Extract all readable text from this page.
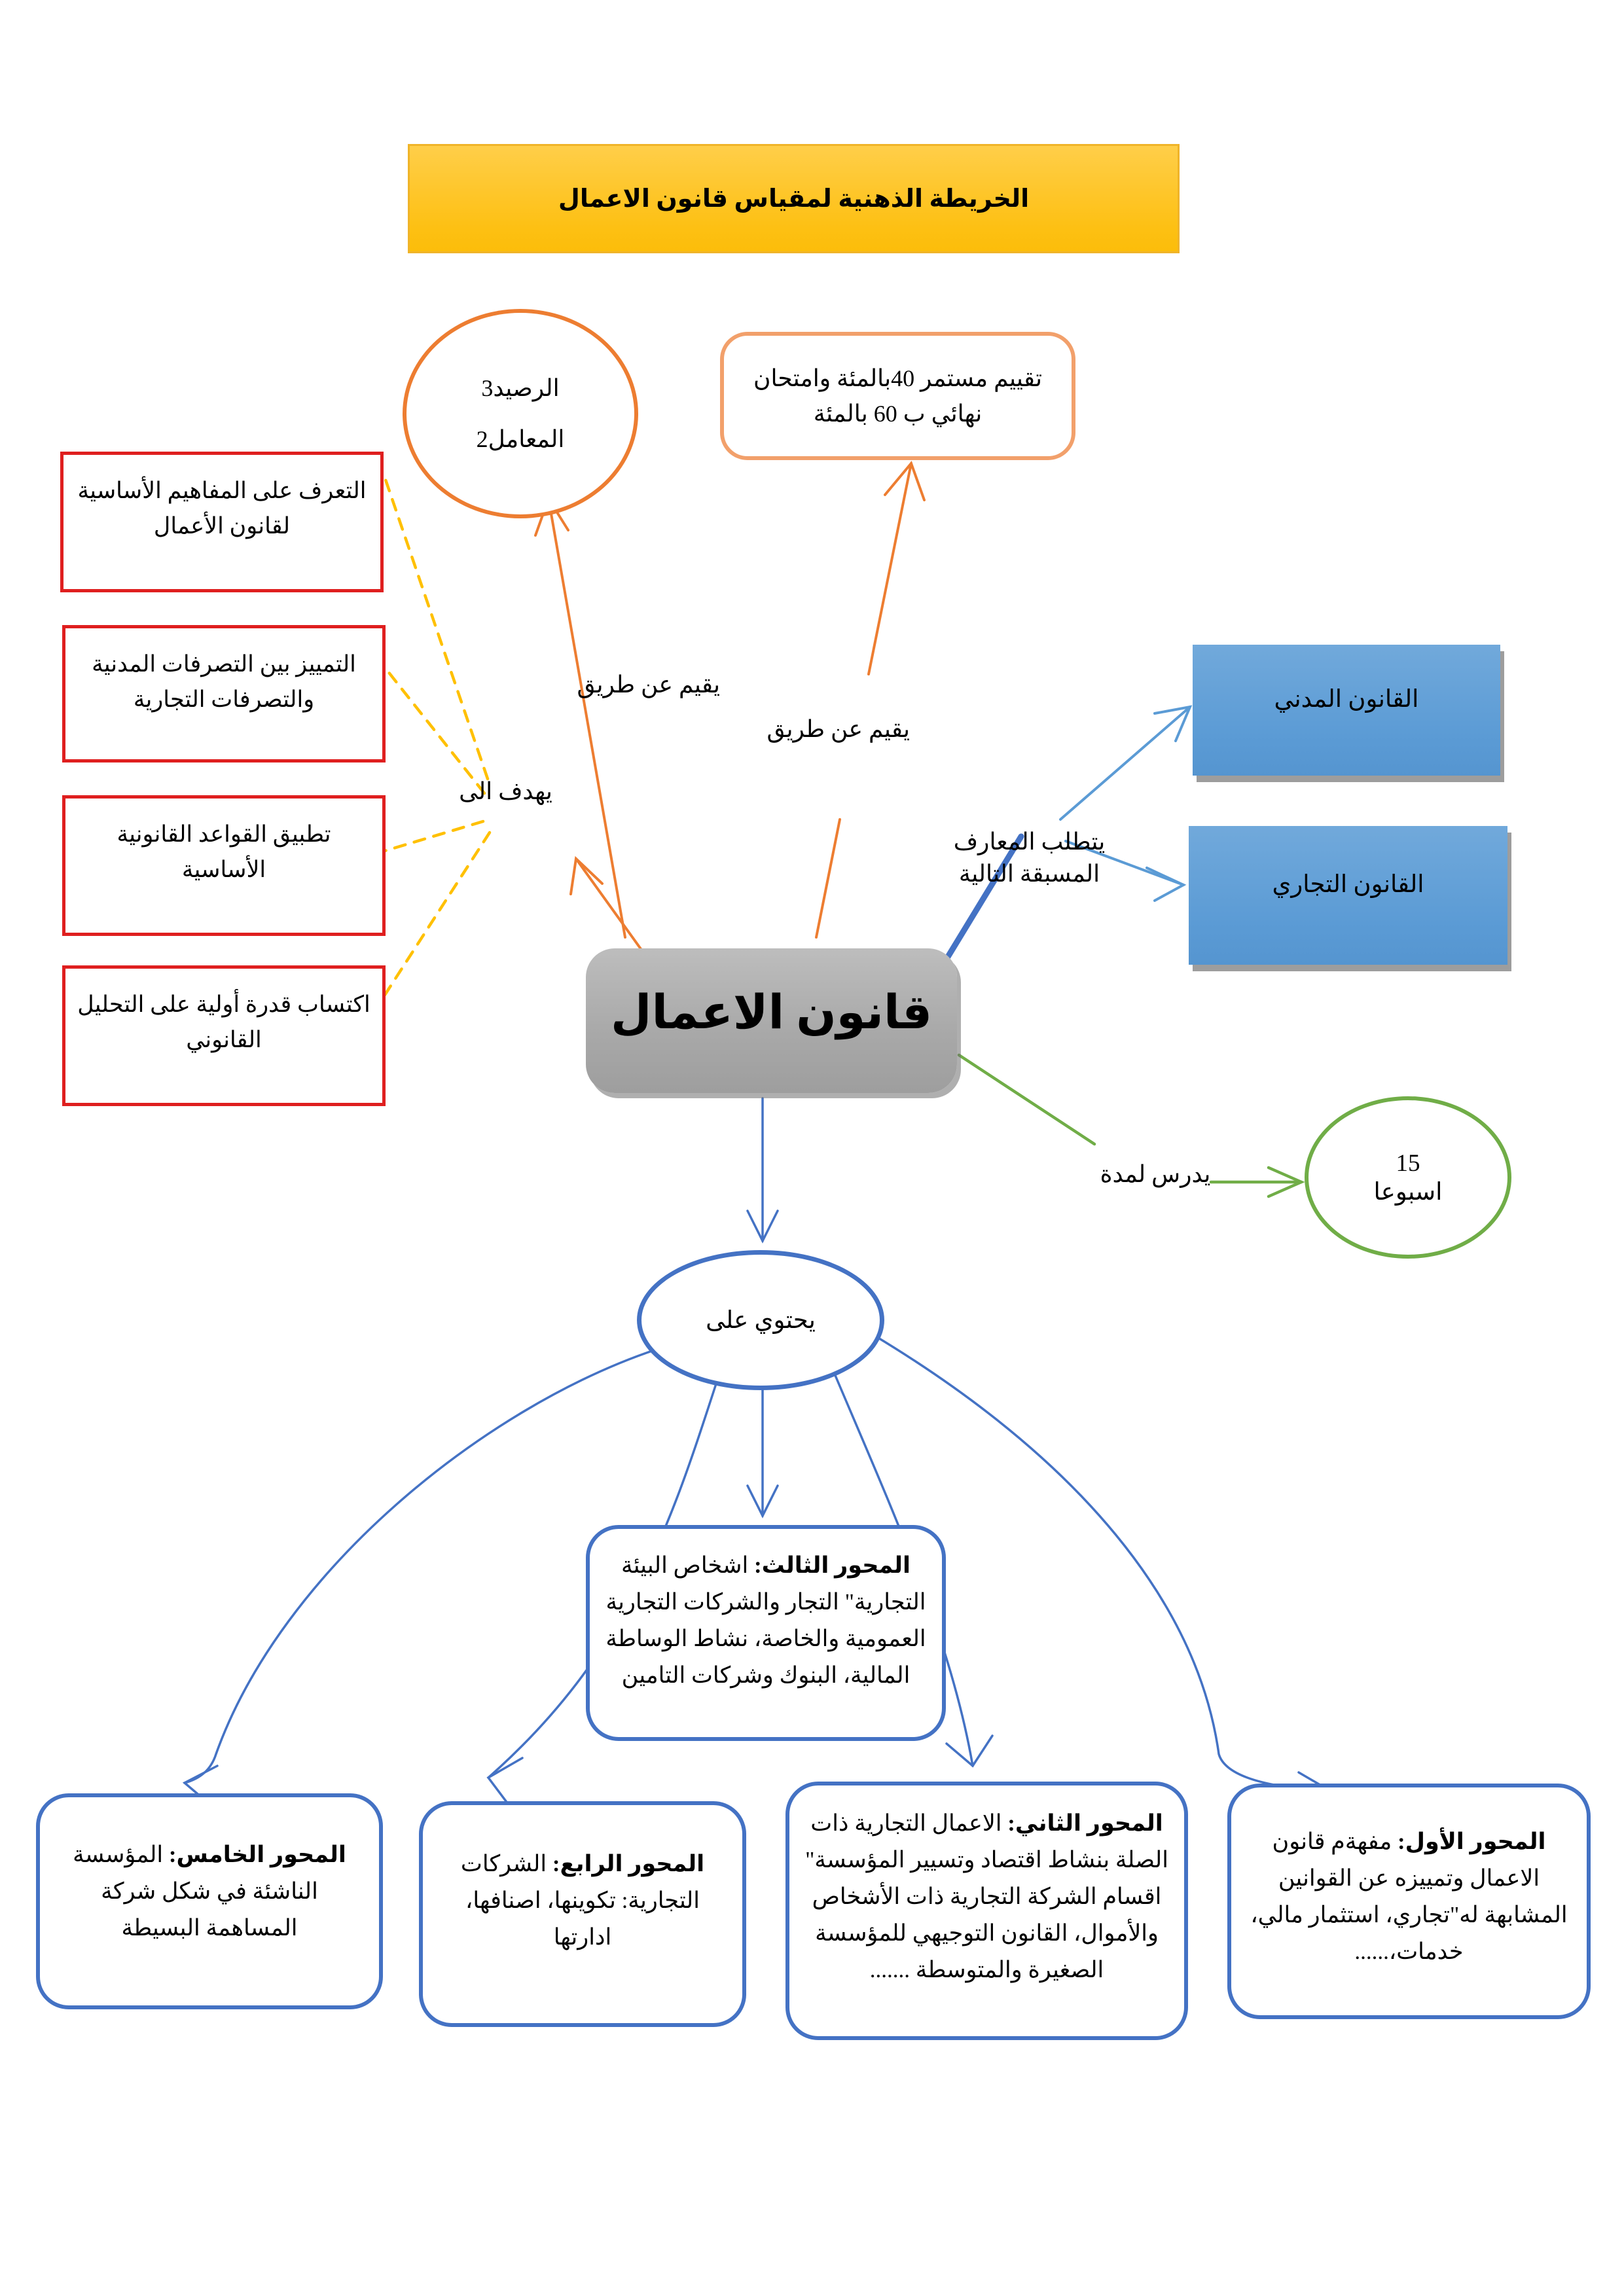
الخريطة الذهنية لمقياس قانون الاعمال
الرصيد3
المعامل2
تقييم مستمر 40بالمئة وامتحان نهائي ب 60 بالمئة
التعرف على المفاهيم الأساسية لقانون الأعمال
التمييز بين التصرفات المدنية والتصرفات التجارية
تطبيق القواعد القانونية الأساسية
اكتساب قدرة أولية على التحليل القانوني
يقيم عن طريق
يقيم عن طريق
يهدف الى
يتطلب المعارف المسبقة التالية
يدرس لمدة
قانون الاعمال
القانون المدني
القانون التجاري
15
اسبوعا
يحتوي على

المحور الثالث: اشخاص البيئة التجارية" التجار والشركات التجارية العمومية والخاصة، نشاط الوساطة المالية، البنوك وشركات التامين

المحور الخامس: المؤسسة الناشئة في شكل شركة المساهمة البسيطة

المحور الرابع: الشركات التجارية: تكوينها، اصنافها، ادارتها

المحور الثاني: الاعمال التجارية ذات الصلة بنشاط اقتصاد وتسيير المؤسسة" اقسام الشركة التجارية ذات الأشخاص والأموال، القانون التوجيهي للمؤسسة الصغيرة والمتوسطة .......

المحور الأول: مفهةم قانون الاعمال وتمييزه عن القوانين المشابهة له"تجاري، استثمار مالي، خدمات،......
